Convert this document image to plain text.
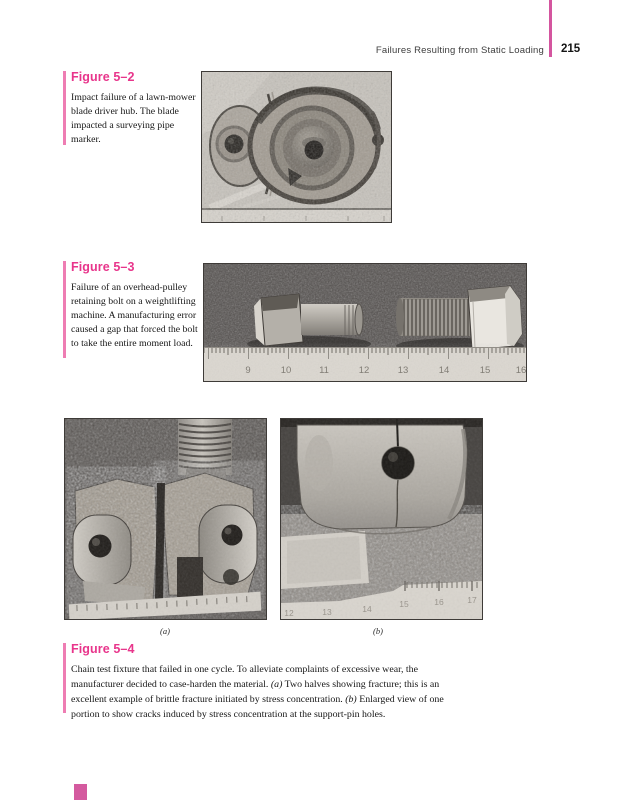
Failures Resulting from Static Loading 215
Figure 5–2
Impact failure of a lawn-mower blade driver hub. The blade impacted a surveying pipe marker.
Figure 5–3
Failure of an overhead-pulley retaining bolt on a weightlifting machine. A manufacturing error caused a gap that forced the bolt to take the entire moment load.
9	10	11	12	13	14	15	16
12	13	14	15	16	17
(a)	(b)
Figure 5–4
Chain test fixture that failed in one cycle. To alleviate complaints of excessive wear, the manufacturer decided to case-harden the material. (a) Two halves showing fracture; this is an excellent example of brittle fracture initiated by stress concentration. (b) Enlarged view of one portion to show cracks induced by stress concentration at the support-pin holes.
